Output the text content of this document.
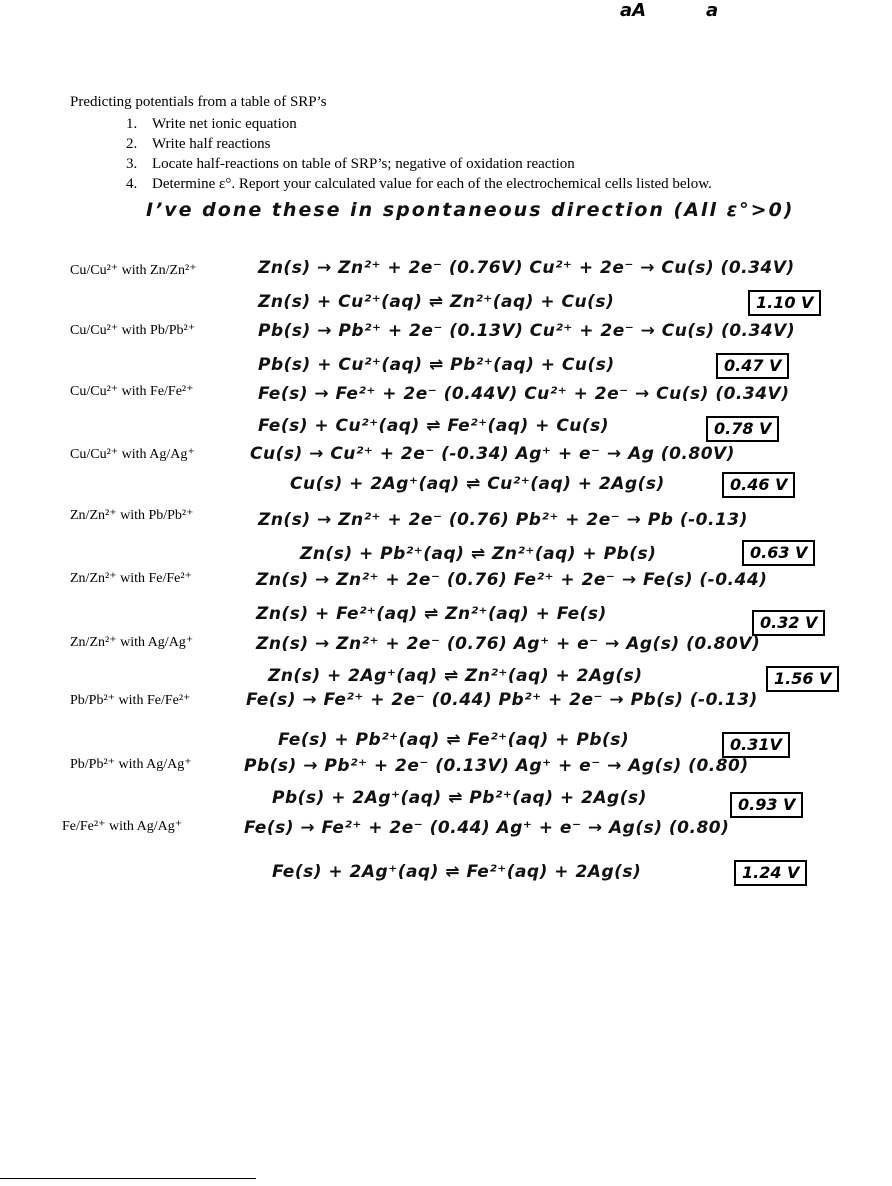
aA	a

Predicting potentials from a table of SRP’s
1. Write net ionic equation
2. Write half reactions
3. Locate half-reactions on table of SRP’s; negative of oxidation reaction
4. Determine ε°. Report your calculated value for each of the electrochemical cells listed below.
I’ve done these in spontaneous direction (All ε°>0)
Cu/Cu²⁺ with Zn/Zn²⁺	Zn(s) → Zn²⁺ + 2e⁻ (0.76V) Cu²⁺ + 2e⁻ → Cu(s) (0.34V)
Zn(s) + Cu²⁺(aq) ⇌ Zn²⁺(aq) + Cu(s)	1.10 V
Cu/Cu²⁺ with Pb/Pb²⁺	Pb(s) → Pb²⁺ + 2e⁻ (0.13V) Cu²⁺ + 2e⁻ → Cu(s) (0.34V)
Pb(s) + Cu²⁺(aq) ⇌ Pb²⁺(aq) + Cu(s)	0.47 V
Cu/Cu²⁺ with Fe/Fe²⁺	Fe(s) → Fe²⁺ + 2e⁻ (0.44V) Cu²⁺ + 2e⁻ → Cu(s) (0.34V)
Fe(s) + Cu²⁺(aq) ⇌ Fe²⁺(aq) + Cu(s)	0.78 V
Cu/Cu²⁺ with Ag/Ag⁺	Cu(s) → Cu²⁺ + 2e⁻ (-0.34) Ag⁺ + e⁻ → Ag (0.80V)
Cu(s) + 2Ag⁺(aq) ⇌ Cu²⁺(aq) + 2Ag(s)	0.46 V
Zn/Zn²⁺ with Pb/Pb²⁺	Zn(s) → Zn²⁺ + 2e⁻ (0.76) Pb²⁺ + 2e⁻ → Pb (-0.13)
Zn(s) + Pb²⁺(aq) ⇌ Zn²⁺(aq) + Pb(s)	0.63 V
Zn/Zn²⁺ with Fe/Fe²⁺	Zn(s) → Zn²⁺ + 2e⁻ (0.76) Fe²⁺ + 2e⁻ → Fe(s) (-0.44)
Zn(s) + Fe²⁺(aq) ⇌ Zn²⁺(aq) + Fe(s)	0.32 V
Zn/Zn²⁺ with Ag/Ag⁺	Zn(s) → Zn²⁺ + 2e⁻ (0.76) Ag⁺ + e⁻ → Ag(s) (0.80V)
Zn(s) + 2Ag⁺(aq) ⇌ Zn²⁺(aq) + 2Ag(s)	1.56 V
Pb/Pb²⁺ with Fe/Fe²⁺	Fe(s) → Fe²⁺ + 2e⁻ (0.44) Pb²⁺ + 2e⁻ → Pb(s) (-0.13)
Fe(s) + Pb²⁺(aq) ⇌ Fe²⁺(aq) + Pb(s)	0.31V
Pb/Pb²⁺ with Ag/Ag⁺	Pb(s) → Pb²⁺ + 2e⁻ (0.13V) Ag⁺ + e⁻ → Ag(s) (0.80)
Pb(s) + 2Ag⁺(aq) ⇌ Pb²⁺(aq) + 2Ag(s)	0.93 V
Fe/Fe²⁺ with Ag/Ag⁺	Fe(s) → Fe²⁺ + 2e⁻ (0.44) Ag⁺ + e⁻ → Ag(s) (0.80)
Fe(s) + 2Ag⁺(aq) ⇌ Fe²⁺(aq) + 2Ag(s)	1.24 V
